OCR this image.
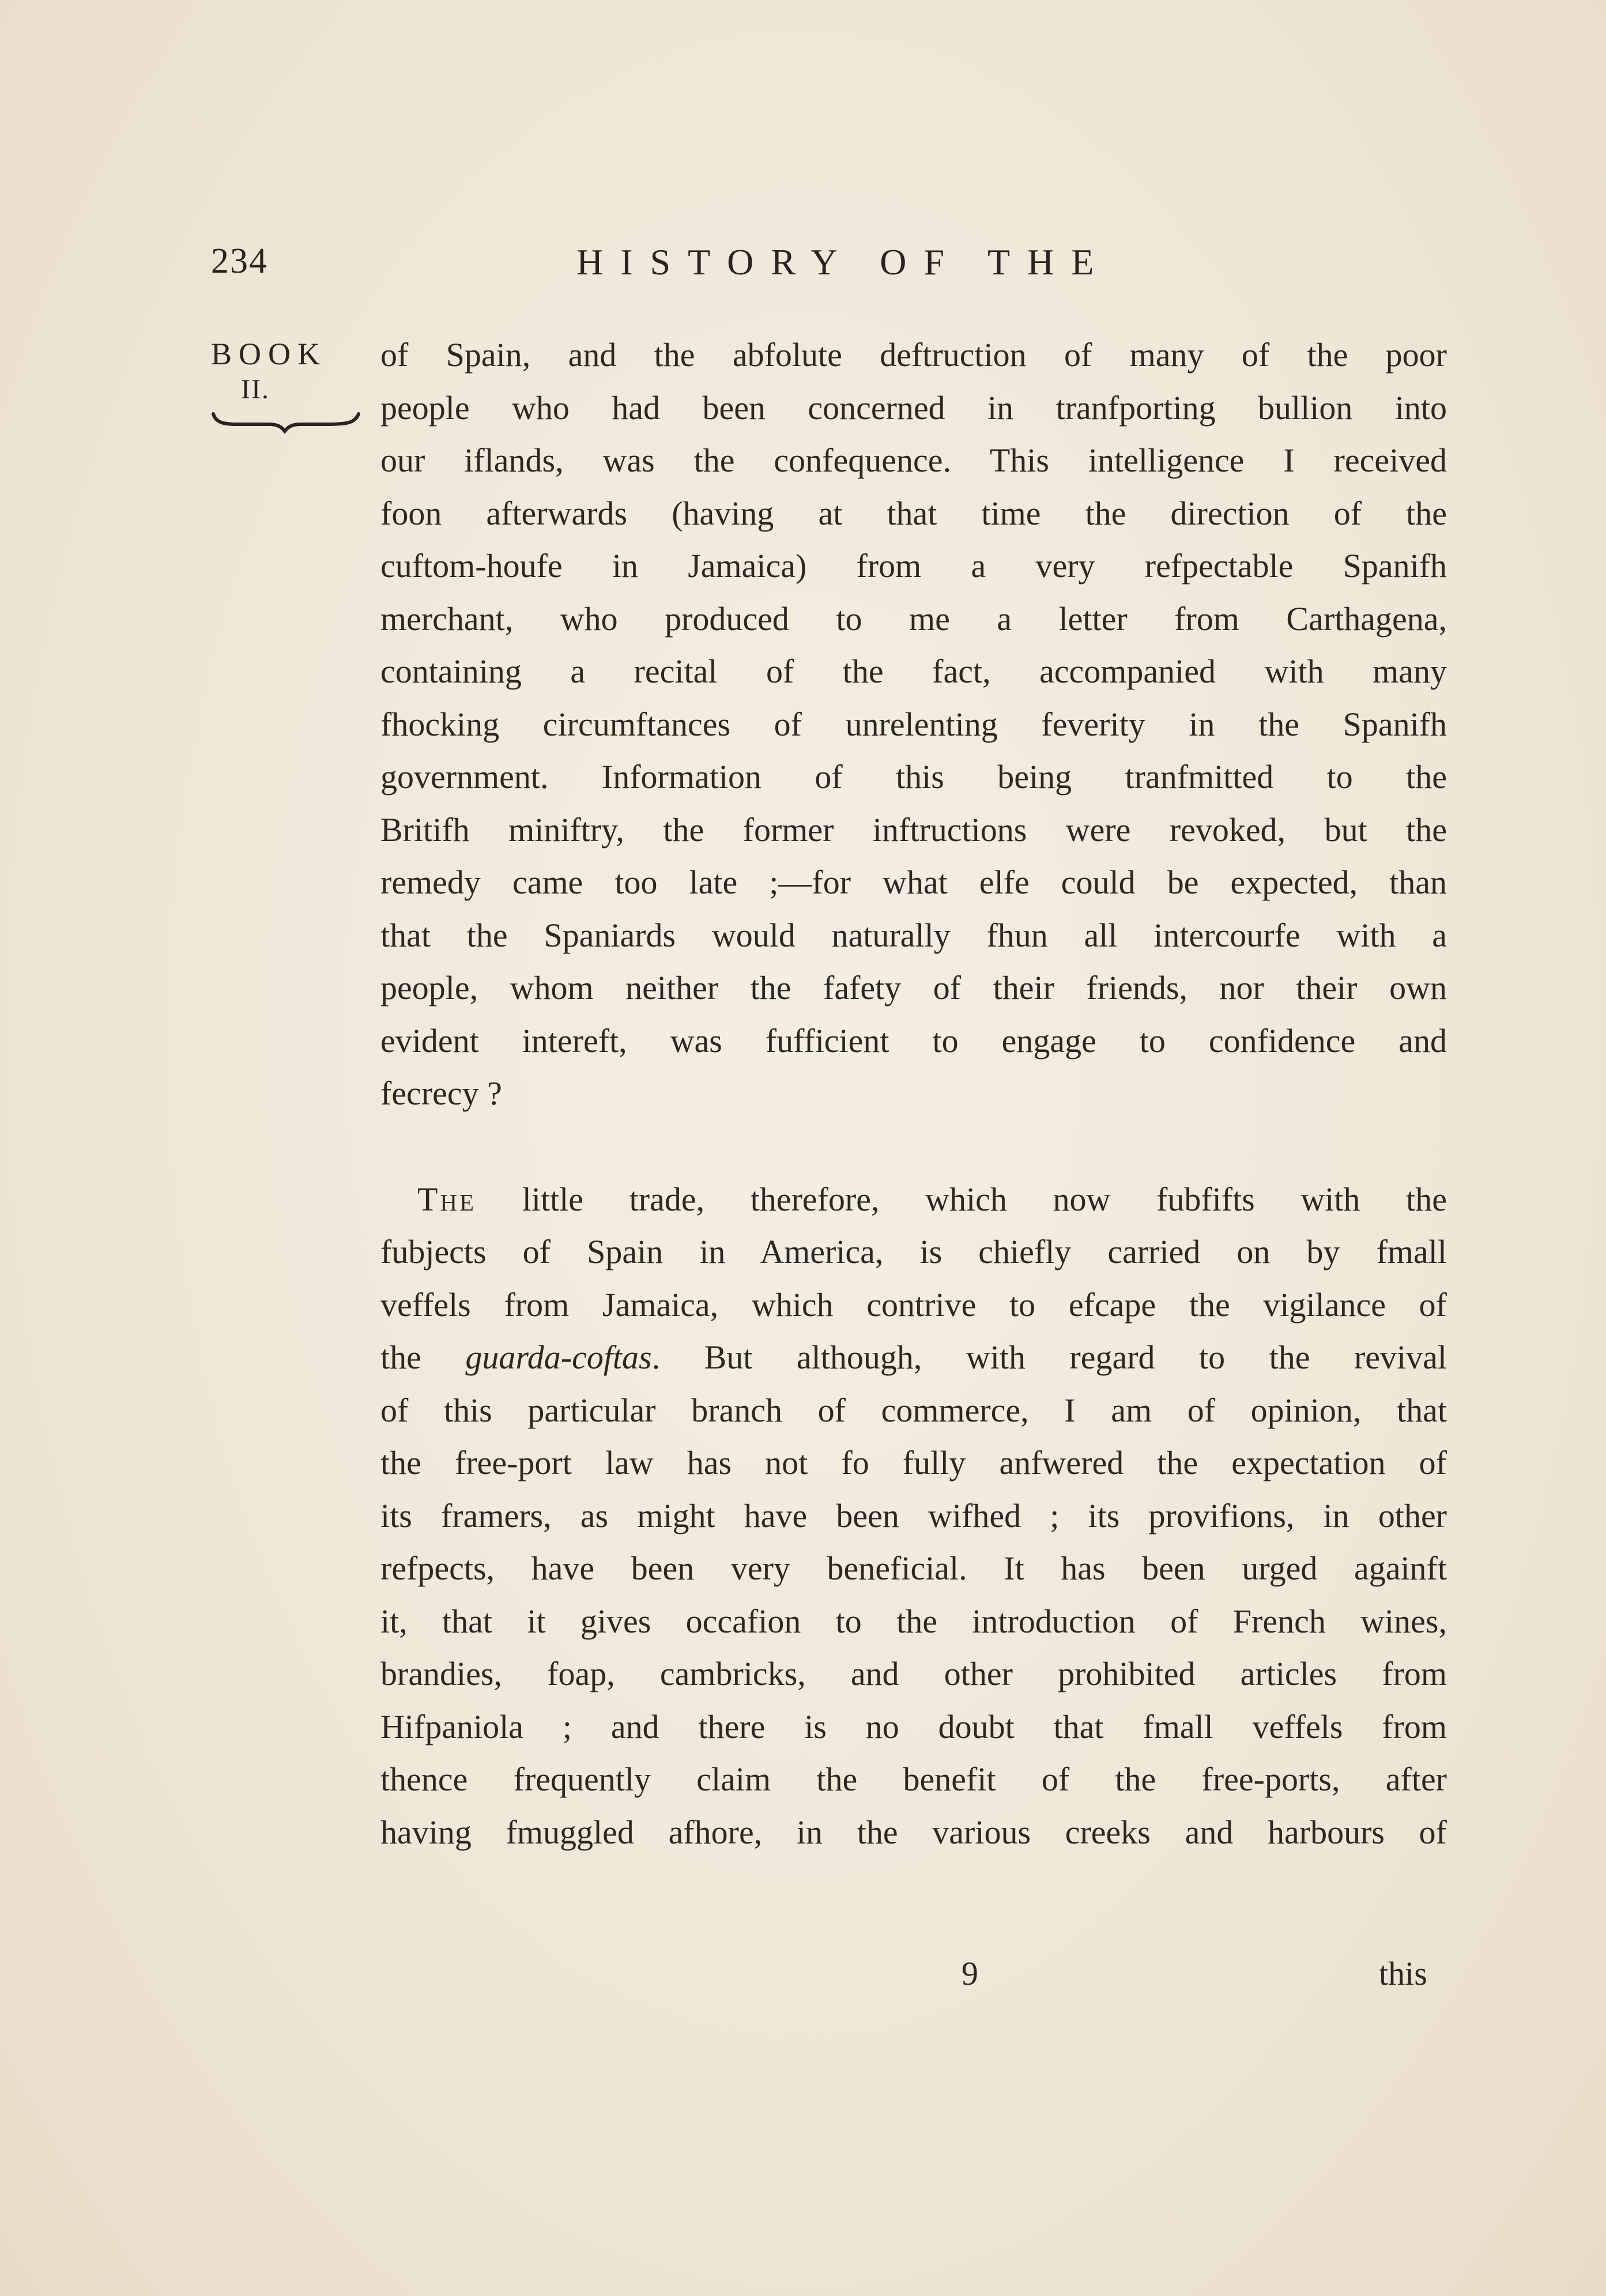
234	HISTORY OF THE
BOOK
II.
of Spain, and the abfolute deftruction of many of the poor
people who had been concerned in tranfporting bullion into
our iflands, was the confequence. This intelligence I received
foon afterwards (having at that time the direction of the
cuftom-houfe in Jamaica) from a very refpectable Spanifh
merchant, who produced to me a letter from Carthagena,
containing a recital of the fact, accompanied with many
fhocking circumftances of unrelenting feverity in the Spanifh
government. Information of this being tranfmitted to the
Britifh miniftry, the former inftructions were revoked, but the
remedy came too late ;—for what elfe could be expected, than
that the Spaniards would naturally fhun all intercourfe with a
people, whom neither the fafety of their friends, nor their own
evident intereft, was fufficient to engage to confidence and
fecrecy ?
The little trade, therefore, which now fubfifts with the
fubjects of Spain in America, is chiefly carried on by fmall
veffels from Jamaica, which contrive to efcape the vigilance of
the guarda-coftas. But although, with regard to the revival
of this particular branch of commerce, I am of opinion, that
the free-port law has not fo fully anfwered the expectation of
its framers, as might have been wifhed ; its provifions, in other
refpects, have been very beneficial. It has been urged againft
it, that it gives occafion to the introduction of French wines,
brandies, foap, cambricks, and other prohibited articles from
Hifpaniola ; and there is no doubt that fmall veffels from
thence frequently claim the benefit of the free-ports, after
having fmuggled afhore, in the various creeks and harbours of
9	this
